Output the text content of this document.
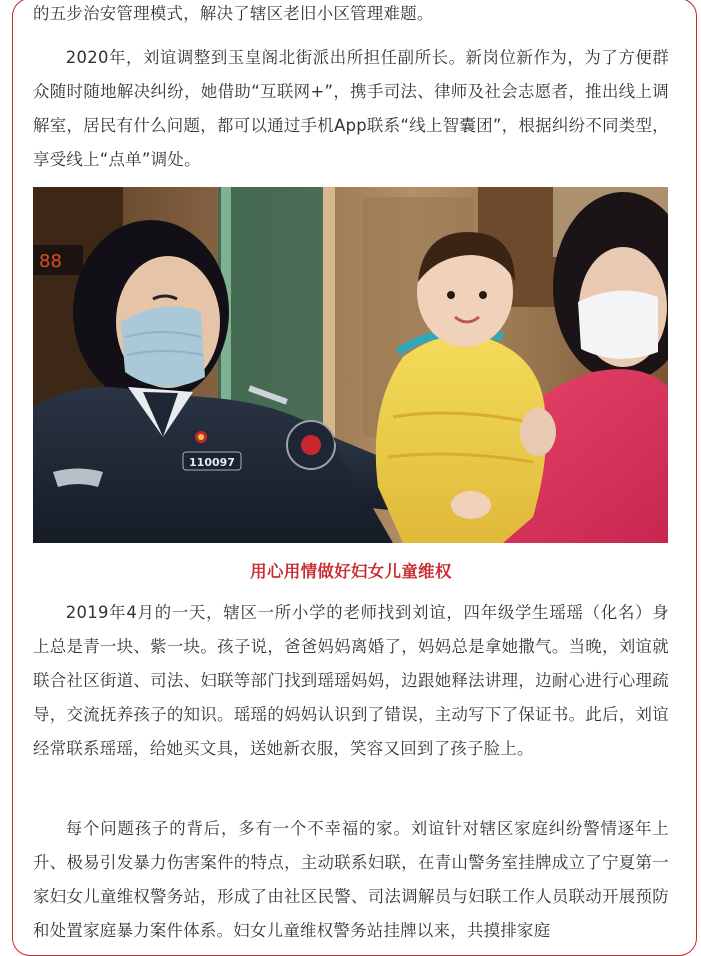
的五步治安管理模式，解决了辖区老旧小区管理难题。

2020年，刘谊调整到玉皇阁北街派出所担任副所长。新岗位新作为，为了方便群众随时随地解决纠纷，她借助“互联网+”，携手司法、律师及社会志愿者，推出线上调解室，居民有什么问题，都可以通过手机App联系“线上智囊团”，根据纠纷不同类型，享受线上“点单”调处。

88
110097
用心用情做好妇女儿童维权

2019年4月的一天，辖区一所小学的老师找到刘谊，四年级学生瑶瑶（化名）身上总是青一块、紫一块。孩子说，爸爸妈妈离婚了，妈妈总是拿她撒气。当晚，刘谊就联合社区街道、司法、妇联等部门找到瑶瑶妈妈，边跟她释法讲理，边耐心进行心理疏导，交流抚养孩子的知识。瑶瑶的妈妈认识到了错误，主动写下了保证书。此后，刘谊经常联系瑶瑶，给她买文具，送她新衣服，笑容又回到了孩子脸上。

每个问题孩子的背后，多有一个不幸福的家。刘谊针对辖区家庭纠纷警情逐年上升、极易引发暴力伤害案件的特点，主动联系妇联，在青山警务室挂牌成立了宁夏第一家妇女儿童维权警务站，形成了由社区民警、司法调解员与妇联工作人员联动开展预防和处置家庭暴力案件体系。妇女儿童维权警务站挂牌以来，共摸排家庭
